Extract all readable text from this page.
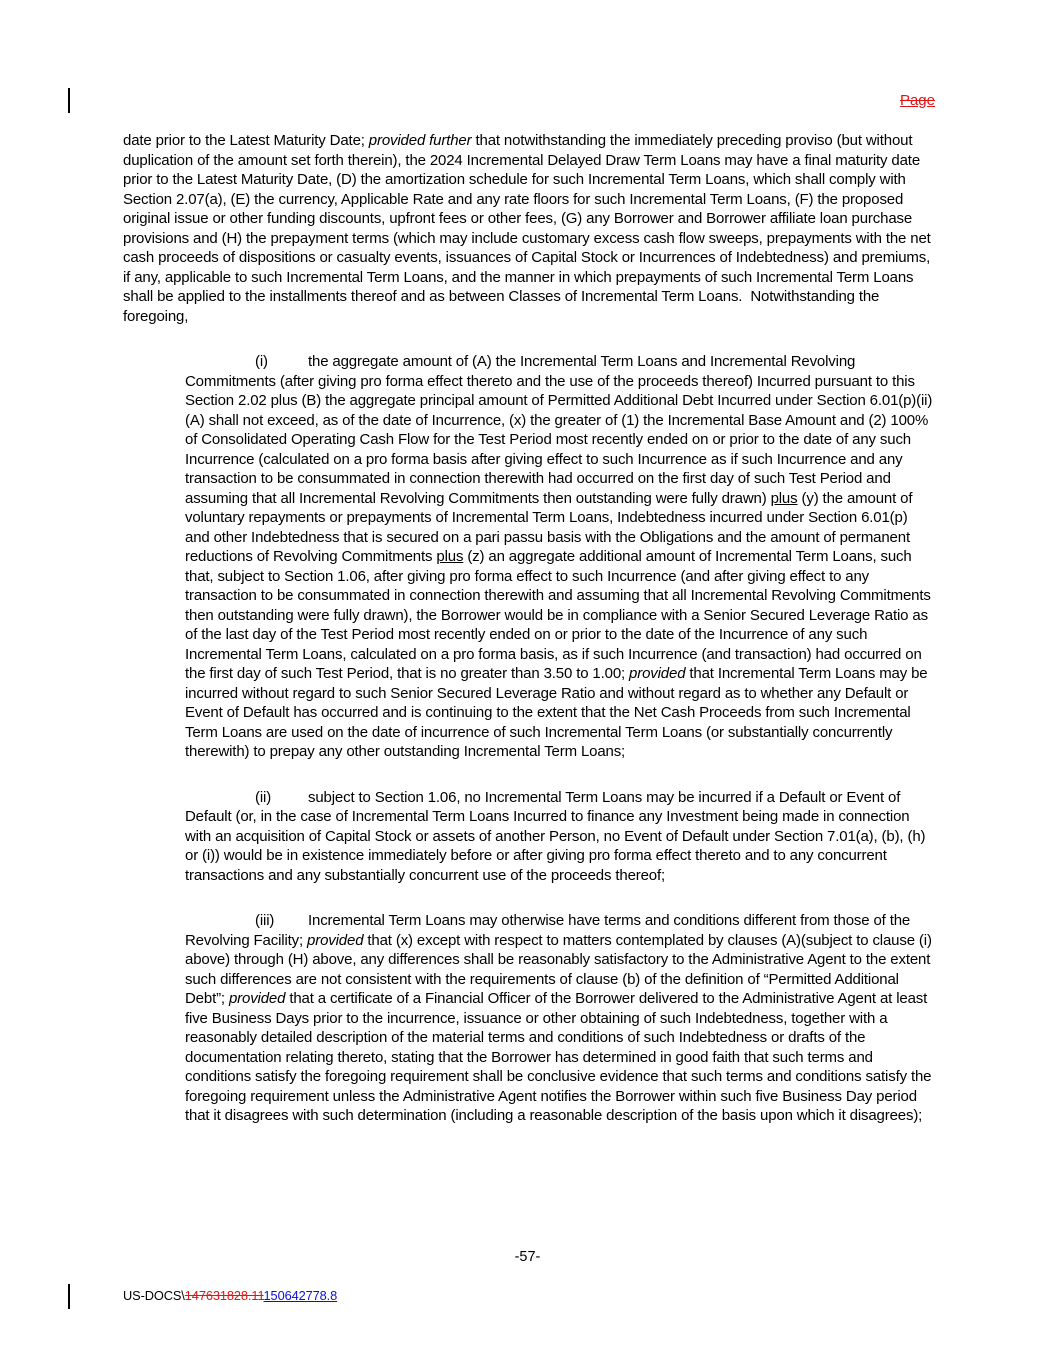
Page
date prior to the Latest Maturity Date; provided further that notwithstanding the immediately preceding proviso (but without duplication of the amount set forth therein), the 2024 Incremental Delayed Draw Term Loans may have a final maturity date prior to the Latest Maturity Date, (D) the amortization schedule for such Incremental Term Loans, which shall comply with Section 2.07(a), (E) the currency, Applicable Rate and any rate floors for such Incremental Term Loans, (F) the proposed original issue or other funding discounts, upfront fees or other fees, (G) any Borrower and Borrower affiliate loan purchase provisions and (H) the prepayment terms (which may include customary excess cash flow sweeps, prepayments with the net cash proceeds of dispositions or casualty events, issuances of Capital Stock or Incurrences of Indebtedness) and premiums, if any, applicable to such Incremental Term Loans, and the manner in which prepayments of such Incremental Term Loans shall be applied to the installments thereof and as between Classes of Incremental Term Loans.  Notwithstanding the foregoing,
(i)	the aggregate amount of (A) the Incremental Term Loans and Incremental Revolving Commitments (after giving pro forma effect thereto and the use of the proceeds thereof) Incurred pursuant to this Section 2.02 plus (B) the aggregate principal amount of Permitted Additional Debt Incurred under Section 6.01(p)(ii)(A) shall not exceed, as of the date of Incurrence, (x) the greater of (1) the Incremental Base Amount and (2) 100% of Consolidated Operating Cash Flow for the Test Period most recently ended on or prior to the date of any such Incurrence (calculated on a pro forma basis after giving effect to such Incurrence as if such Incurrence and any transaction to be consummated in connection therewith had occurred on the first day of such Test Period and assuming that all Incremental Revolving Commitments then outstanding were fully drawn) plus (y) the amount of voluntary repayments or prepayments of Incremental Term Loans, Indebtedness incurred under Section 6.01(p) and other Indebtedness that is secured on a pari passu basis with the Obligations and the amount of permanent reductions of Revolving Commitments plus (z) an aggregate additional amount of Incremental Term Loans, such that, subject to Section 1.06, after giving pro forma effect to such Incurrence (and after giving effect to any transaction to be consummated in connection therewith and assuming that all Incremental Revolving Commitments then outstanding were fully drawn), the Borrower would be in compliance with a Senior Secured Leverage Ratio as of the last day of the Test Period most recently ended on or prior to the date of the Incurrence of any such Incremental Term Loans, calculated on a pro forma basis, as if such Incurrence (and transaction) had occurred on the first day of such Test Period, that is no greater than 3.50 to 1.00; provided that Incremental Term Loans may be incurred without regard to such Senior Secured Leverage Ratio and without regard as to whether any Default or Event of Default has occurred and is continuing to the extent that the Net Cash Proceeds from such Incremental Term Loans are used on the date of incurrence of such Incremental Term Loans (or substantially concurrently therewith) to prepay any other outstanding Incremental Term Loans;
(ii) subject to Section 1.06, no Incremental Term Loans may be incurred if a Default or Event of Default (or, in the case of Incremental Term Loans Incurred to finance any Investment being made in connection with an acquisition of Capital Stock or assets of another Person, no Event of Default under Section 7.01(a), (b), (h) or (i)) would be in existence immediately before or after giving pro forma effect thereto and to any concurrent transactions and any substantially concurrent use of the proceeds thereof;
(iii) Incremental Term Loans may otherwise have terms and conditions different from those of the Revolving Facility; provided that (x) except with respect to matters contemplated by clauses (A)(subject to clause (i) above) through (H) above, any differences shall be reasonably satisfactory to the Administrative Agent to the extent such differences are not consistent with the requirements of clause (b) of the definition of “Permitted Additional Debt”; provided that a certificate of a Financial Officer of the Borrower delivered to the Administrative Agent at least five Business Days prior to the incurrence, issuance or other obtaining of such Indebtedness, together with a reasonably detailed description of the material terms and conditions of such Indebtedness or drafts of the documentation relating thereto, stating that the Borrower has determined in good faith that such terms and conditions satisfy the foregoing requirement shall be conclusive evidence that such terms and conditions satisfy the foregoing requirement unless the Administrative Agent notifies the Borrower within such five Business Day period that it disagrees with such determination (including a reasonable description of the basis upon which it disagrees);
-57-
US-DOCS\147631828.11150642778.8
